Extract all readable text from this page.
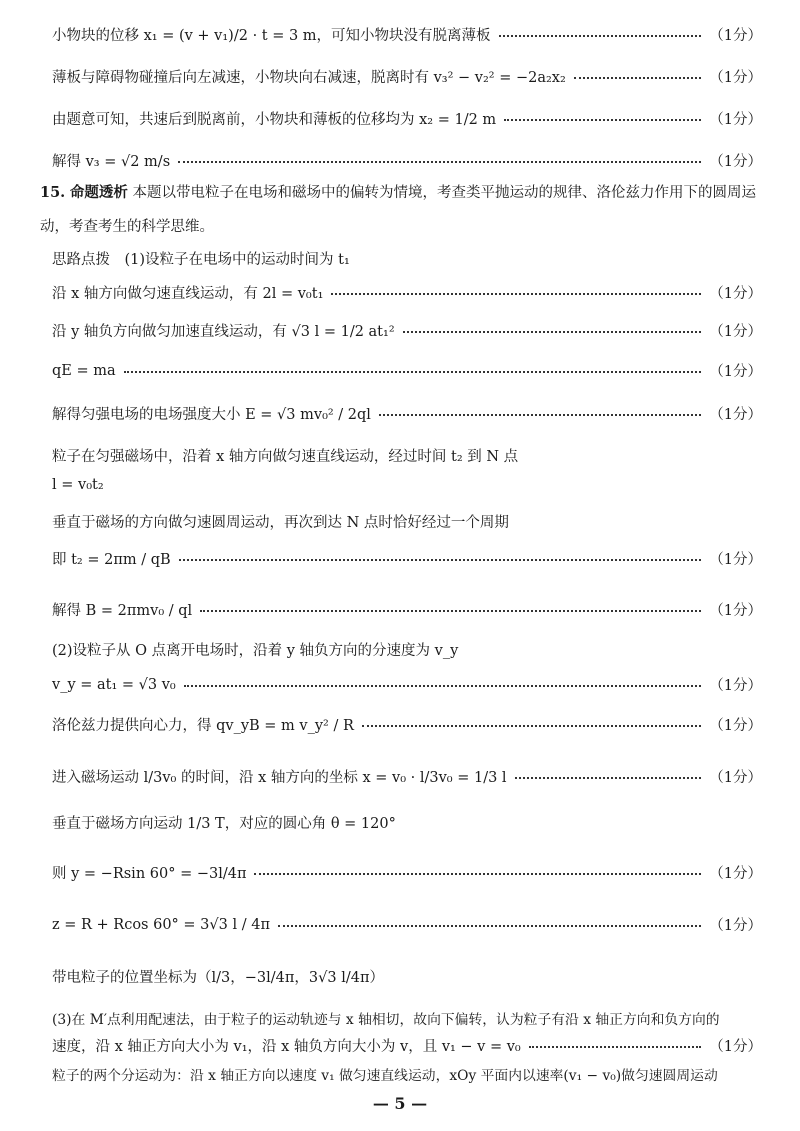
小物块的位移 x₁ = (v + v₁)/2 · t = 3 m，可知小物块没有脱离薄板	（1分）
薄板与障碍物碰撞后向左减速，小物块向右减速，脱离时有 v₃² − v₂² = −2a₂x₂	（1分）
由题意可知，共速后到脱离前，小物块和薄板的位移均为 x₂ = 1/2 m	（1分）
解得 v₃ = √2 m/s	（1分）
15. 命题透析 本题以带电粒子在电场和磁场中的偏转为情境，考查类平抛运动的规律、洛伦兹力作用下的圆周运动，考查考生的科学思维。
思路点拨　(1)设粒子在电场中的运动时间为 t₁
沿 x 轴方向做匀速直线运动，有 2l = v₀t₁	（1分）
沿 y 轴负方向做匀加速直线运动，有 √3 l = 1/2 at₁²	（1分）
qE = ma	（1分）
解得匀强电场的电场强度大小 E = √3 mv₀² / 2ql	（1分）
粒子在匀强磁场中，沿着 x 轴方向做匀速直线运动，经过时间 t₂ 到 N 点
l = v₀t₂
垂直于磁场的方向做匀速圆周运动，再次到达 N 点时恰好经过一个周期
即 t₂ = 2πm / qB	（1分）
解得 B = 2πmv₀ / ql	（1分）
(2)设粒子从 O 点离开电场时，沿着 y 轴负方向的分速度为 v_y
v_y = at₁ = √3 v₀	（1分）
洛伦兹力提供向心力，得 qv_yB = m v_y² / R	（1分）
进入磁场运动 l/3v₀ 的时间，沿 x 轴方向的坐标 x = v₀ · l/3v₀ = 1/3 l	（1分）
垂直于磁场方向运动 1/3 T，对应的圆心角 θ = 120°
则 y = −Rsin 60° = −3l/4π	（1分）
z = R + Rcos 60° = 3√3 l / 4π	（1分）
带电粒子的位置坐标为（l/3，−3l/4π，3√3 l/4π）
(3)在 M′点利用配速法，由于粒子的运动轨迹与 x 轴相切，故向下偏转，认为粒子有沿 x 轴正方向和负方向的
速度，沿 x 轴正方向大小为 v₁，沿 x 轴负方向大小为 v，且 v₁ − v = v₀	（1分）
粒子的两个分运动为：沿 x 轴正方向以速度 v₁ 做匀速直线运动，xOy 平面内以速率(v₁ − v₀)做匀速圆周运动
— 5 —
